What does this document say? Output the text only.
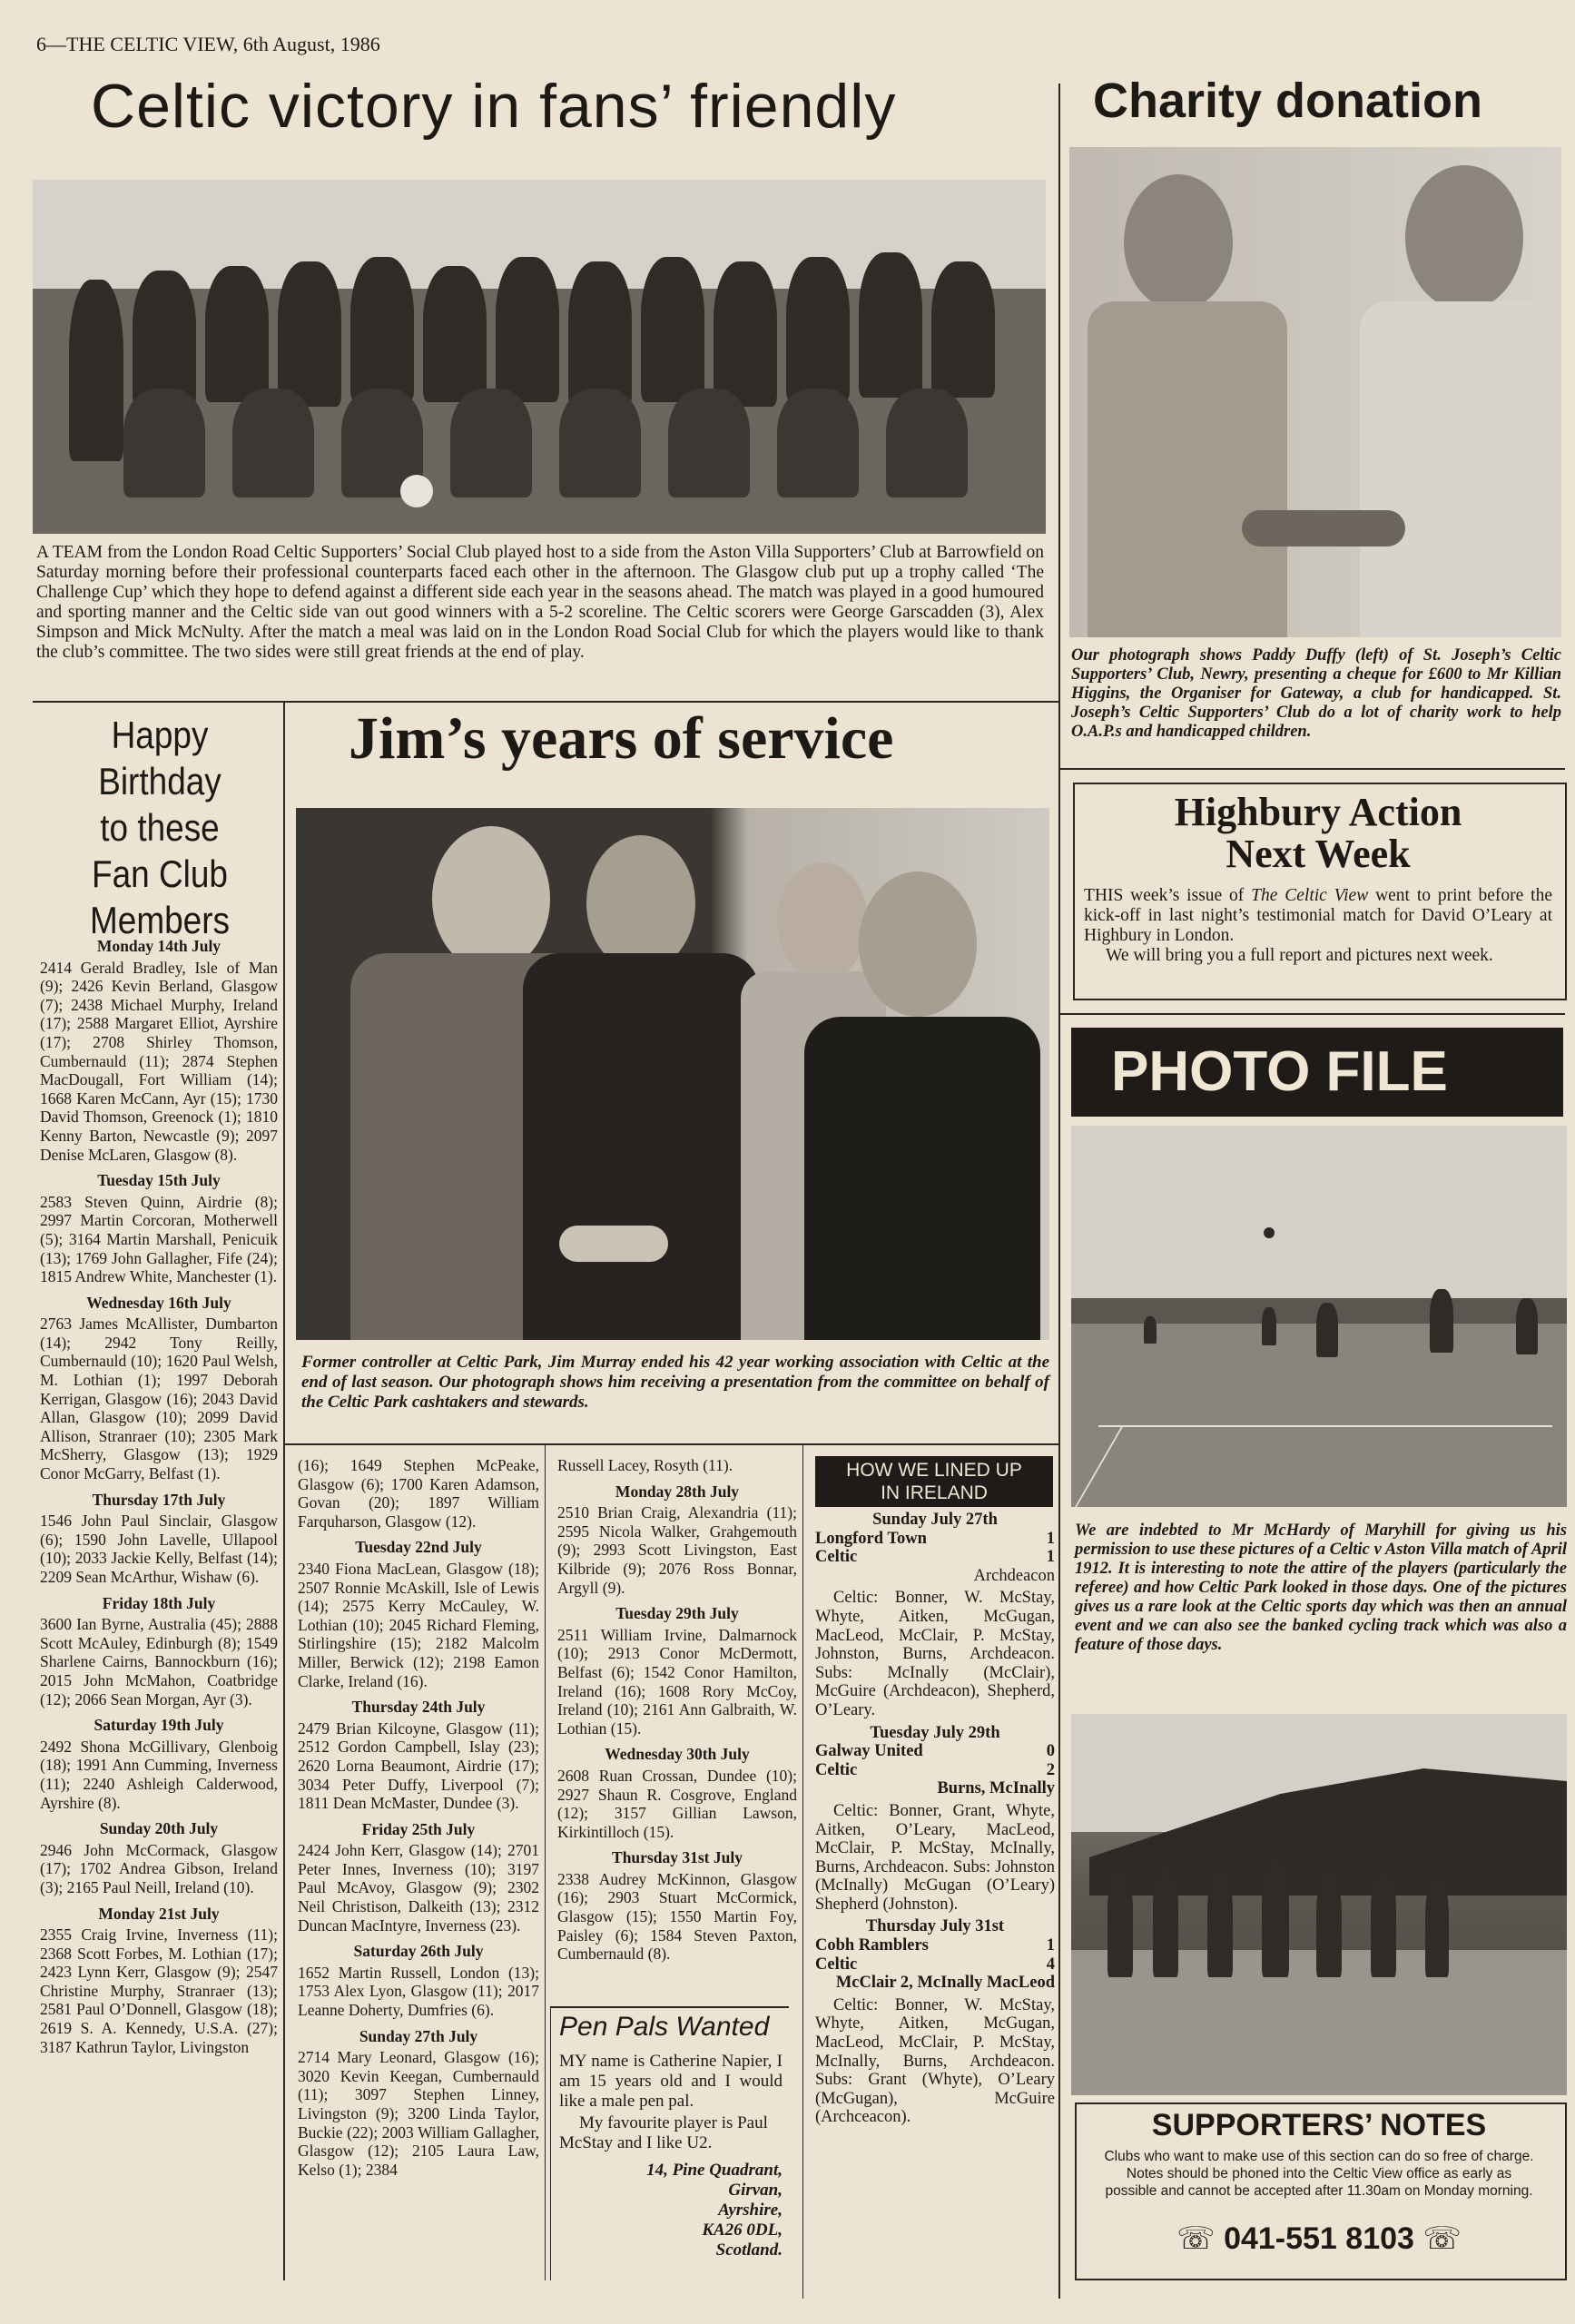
6—THE CELTIC VIEW, 6th August, 1986
Celtic victory in fans’ friendly
A TEAM from the London Road Celtic Supporters’ Social Club played host to a side from the Aston Villa Supporters’ Club at Barrowfield on Saturday morning before their professional counterparts faced each other in the afternoon. The Glasgow club put up a trophy called ‘The Challenge Cup’ which they hope to defend against a different side each year in the seasons ahead. The match was played in a good humoured and sporting manner and the Celtic side van out good winners with a 5-2 scoreline. The Celtic scorers were George Garscadden (3), Alex Simpson and Mick McNulty. After the match a meal was laid on in the London Road Social Club for which the players would like to thank the club’s committee. The two sides were still great friends at the end of play.
Charity donation
Our photograph shows Paddy Duffy (left) of St. Joseph’s Celtic Supporters’ Club, Newry, presenting a cheque for £600 to Mr Killian Higgins, the Organiser for Gateway, a club for handicapped. St. Joseph’s Celtic Supporters’ Club do a lot of charity work to help O.A.P.s and handicapped children.
Highbury Action
Next Week
THIS week’s issue of The Celtic View went to print before the kick-off in last night’s testimonial match for David O’Leary at Highbury in London.
We will bring you a full report and pictures next week.
PHOTO FILE
We are indebted to Mr McHardy of Maryhill for giving us his permission to use these pictures of a Celtic v Aston Villa match of April 1912. It is interesting to note the attire of the players (particularly the referee) and how Celtic Park looked in those days. One of the pictures gives us a rare look at the Celtic sports day which was then an annual event and we can also see the banked cycling track which was also a feature of those days.
SUPPORTERS’ NOTES
Clubs who want to make use of this section can do so free of charge. Notes should be phoned into the Celtic View office as early as possible and cannot be accepted after 11.30am on Monday morning.
☏ 041-551 8103 ☏
Jim’s years of service
Former controller at Celtic Park, Jim Murray ended his 42 year working association with Celtic at the end of last season. Our photograph shows him receiving a presentation from the committee on behalf of the Celtic Park cashtakers and stewards.
Happy
Birthday
to these
Fan Club
Members
Monday 14th July

2414 Gerald Bradley, Isle of Man (9); 2426 Kevin Berland, Glasgow (7); 2438 Michael Murphy, Ireland (17); 2588 Margaret Elliot, Ayrshire (17); 2708 Shirley Thomson, Cumbernauld (11); 2874 Stephen MacDougall, Fort William (14); 1668 Karen McCann, Ayr (15); 1730 David Thomson, Greenock (1); 1810 Kenny Barton, Newcastle (9); 2097 Denise McLaren, Glasgow (8).

Tuesday 15th July

2583 Steven Quinn, Airdrie (8); 2997 Martin Corcoran, Motherwell (5); 3164 Martin Marshall, Penicuik (13); 1769 John Gallagher, Fife (24); 1815 Andrew White, Manchester (1).

Wednesday 16th July

2763 James McAllister, Dumbarton (14); 2942 Tony Reilly, Cumbernauld (10); 1620 Paul Welsh, M. Lothian (1); 1997 Deborah Kerrigan, Glasgow (16); 2043 David Allan, Glasgow (10); 2099 David Allison, Stranraer (10); 2305 Mark McSherry, Glasgow (13); 1929 Conor McGarry, Belfast (1).

Thursday 17th July

1546 John Paul Sinclair, Glasgow (6); 1590 John Lavelle, Ullapool (10); 2033 Jackie Kelly, Belfast (14); 2209 Sean McArthur, Wishaw (6).

Friday 18th July

3600 Ian Byrne, Australia (45); 2888 Scott McAuley, Edinburgh (8); 1549 Sharlene Cairns, Bannockburn (16); 2015 John McMahon, Coatbridge (12); 2066 Sean Morgan, Ayr (3).

Saturday 19th July

2492 Shona McGillivary, Glenboig (18); 1991 Ann Cumming, Inverness (11); 2240 Ashleigh Calderwood, Ayrshire (8).

Sunday 20th July

2946 John McCormack, Glasgow (17); 1702 Andrea Gibson, Ireland (3); 2165 Paul Neill, Ireland (10).

Monday 21st July

2355 Craig Irvine, Inverness (11); 2368 Scott Forbes, M. Lothian (17); 2423 Lynn Kerr, Glasgow (9); 2547 Christine Murphy, Stranraer (13); 2581 Paul O’Donnell, Glasgow (18); 2619 S. A. Kennedy, U.S.A. (27); 3187 Kathrun Taylor, Livingston

(16); 1649 Stephen McPeake, Glasgow (6); 1700 Karen Adamson, Govan (20); 1897 William Farquharson, Glasgow (12).

Tuesday 22nd July

2340 Fiona MacLean, Glasgow (18); 2507 Ronnie McAskill, Isle of Lewis (14); 2575 Kerry McCauley, W. Lothian (10); 2045 Richard Fleming, Stirlingshire (15); 2182 Malcolm Miller, Berwick (12); 2198 Eamon Clarke, Ireland (16).

Thursday 24th July

2479 Brian Kilcoyne, Glasgow (11); 2512 Gordon Campbell, Islay (23); 2620 Lorna Beaumont, Airdrie (17); 3034 Peter Duffy, Liverpool (7); 1811 Dean McMaster, Dundee (3).

Friday 25th July

2424 John Kerr, Glasgow (14); 2701 Peter Innes, Inverness (10); 3197 Paul McAvoy, Glasgow (9); 2302 Neil Christison, Dalkeith (13); 2312 Duncan MacIntyre, Inverness (23).

Saturday 26th July

1652 Martin Russell, London (13); 1753 Alex Lyon, Glasgow (11); 2017 Leanne Doherty, Dumfries (6).

Sunday 27th July

2714 Mary Leonard, Glasgow (16); 3020 Kevin Keegan, Cumbernauld (11); 3097 Stephen Linney, Livingston (9); 3200 Linda Taylor, Buckie (22); 2003 William Gallagher, Glasgow (12); 2105 Laura Law, Kelso (1); 2384

Russell Lacey, Rosyth (11).

Monday 28th July

2510 Brian Craig, Alexandria (11); 2595 Nicola Walker, Grahgemouth (9); 2993 Scott Livingston, East Kilbride (9); 2076 Ross Bonnar, Argyll (9).

Tuesday 29th July

2511 William Irvine, Dalmarnock (10); 2913 Conor McDermott, Belfast (6); 1542 Conor Hamilton, Ireland (16); 1608 Rory McCoy, Ireland (10); 2161 Ann Galbraith, W. Lothian (15).

Wednesday 30th July

2608 Ruan Crossan, Dundee (10); 2927 Shaun R. Cosgrove, England (12); 3157 Gillian Lawson, Kirkintilloch (15).

Thursday 31st July

2338 Audrey McKinnon, Glasgow (16); 2903 Stuart McCormick, Glasgow (15); 1550 Martin Foy, Paisley (6); 1584 Steven Paxton, Cumbernauld (8).

Pen Pals Wanted
MY name is Catherine Napier, I am 15 years old and I would like a male pen pal.
My favourite player is Paul McStay and I like U2.
14, Pine Quadrant,
Girvan,
Ayrshire,
KA26 0DL,
Scotland.
HOW WE LINED UP
IN IRELAND
Sunday July 27th
Longford Town	1
Celtic	1
Archdeacon

Celtic: Bonner, W. McStay, Whyte, Aitken, McGugan, MacLeod, McClair, P. McStay, Johnston, Burns, Archdeacon. Subs: McInally (McClair), McGuire (Archdeacon), Shepherd, O’Leary.

Tuesday July 29th
Galway United	0
Celtic	2
Burns, McInally

Celtic: Bonner, Grant, Whyte, Aitken, O’Leary, MacLeod, McClair, P. McStay, McInally, Burns, Archdeacon. Subs: Johnston (McInally) McGugan (O’Leary) Shepherd (Johnston).

Thursday July 31st
Cobh Ramblers	1
Celtic	4
McClair 2, McInally MacLeod

Celtic: Bonner, W. McStay, Whyte, Aitken, McGugan, MacLeod, McClair, P. McStay, McInally, Burns, Archdeacon. Subs: Grant (Whyte), O’Leary (McGugan), McGuire (Archceacon).
